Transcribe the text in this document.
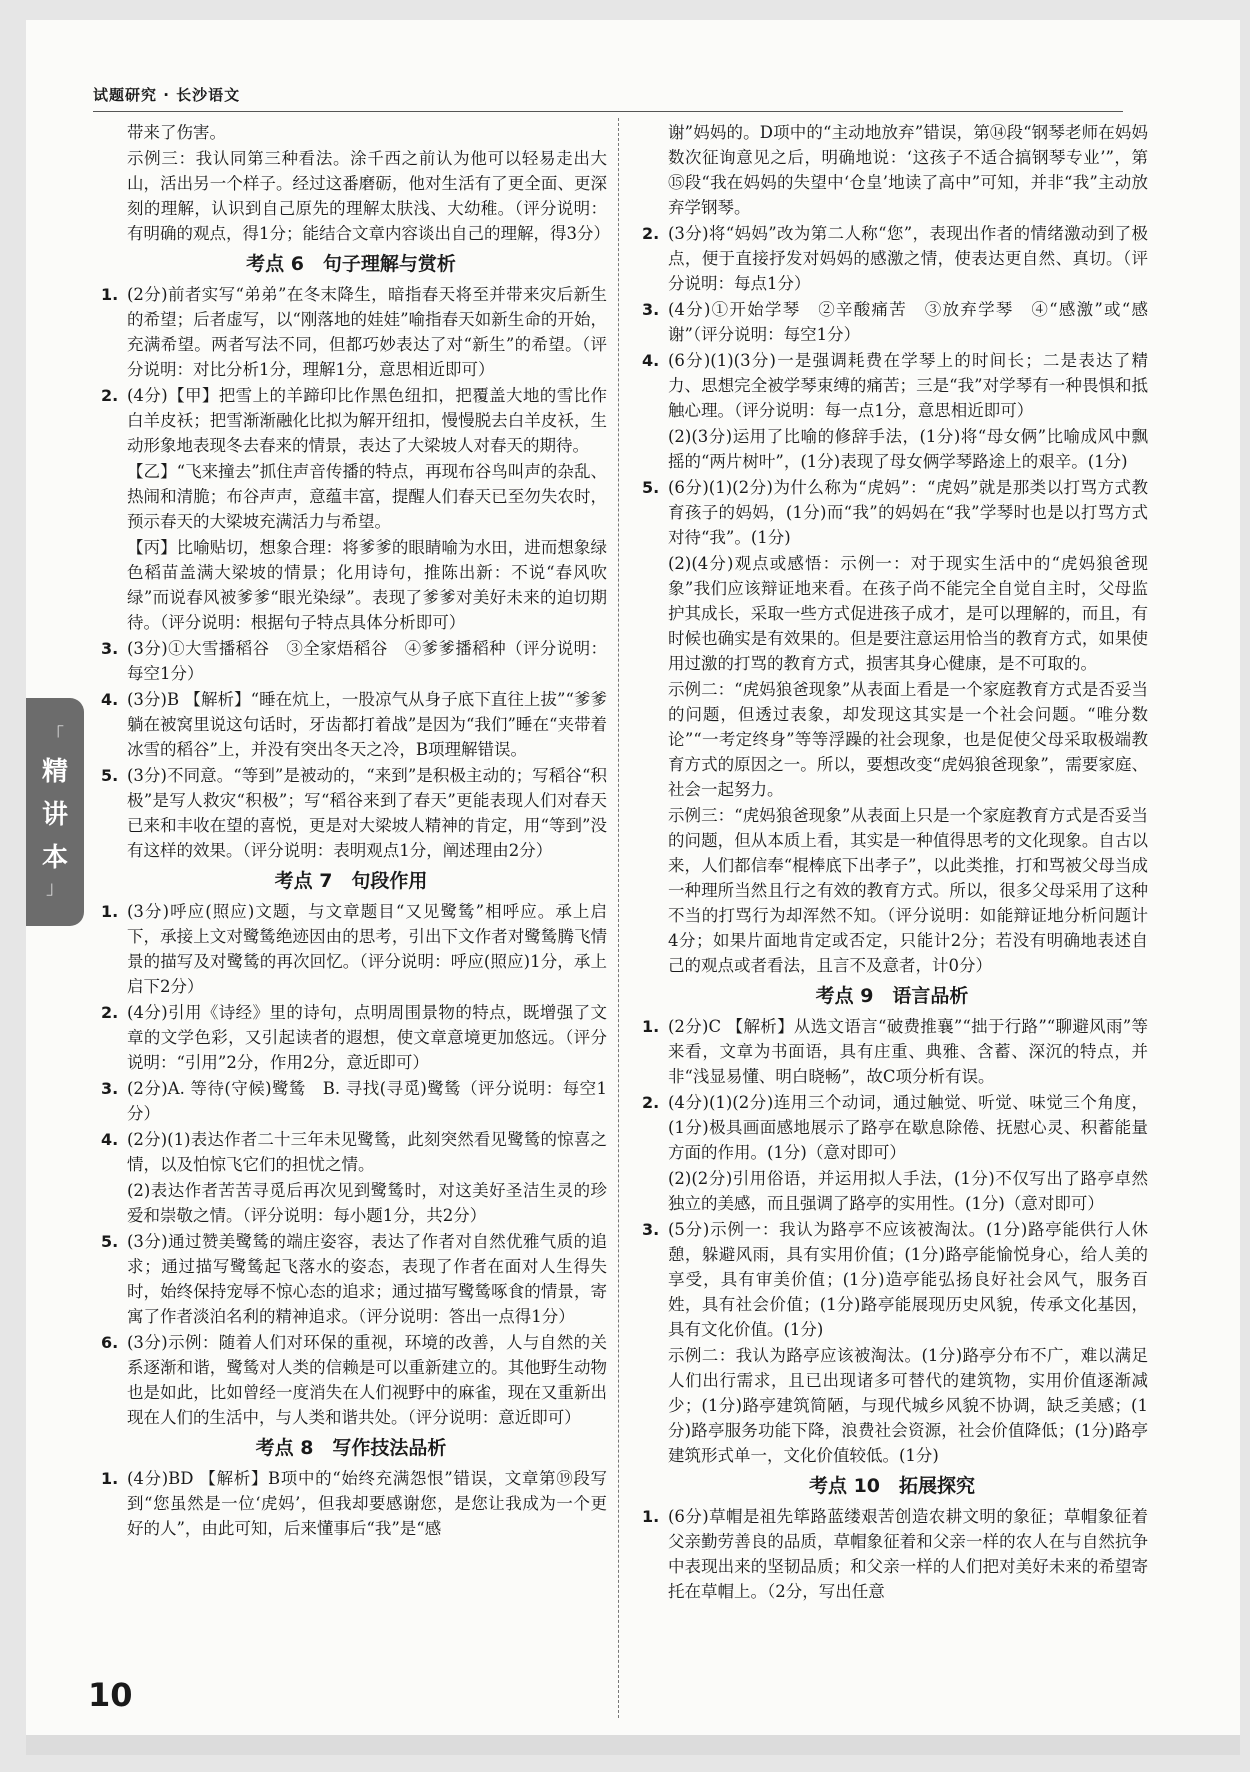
试题研究 · 长沙语文
「
精
讲
本
」

带来了伤害。

示例三：我认同第三种看法。涂千西之前认为他可以轻易走出大山，活出另一个样子。经过这番磨砺，他对生活有了更全面、更深刻的理解，认识到自己原先的理解太肤浅、大幼稚。（评分说明：有明确的观点，得1分；能结合文章内容谈出自己的理解，得3分）

考点 6　句子理解与赏析
1. (2分)前者实写“弟弟”在冬末降生，暗指春天将至并带来灾后新生的希望；后者虚写，以“刚落地的娃娃”喻指春天如新生命的开始，充满希望。两者写法不同，但都巧妙表达了对“新生”的希望。（评分说明：对比分析1分，理解1分，意思相近即可）
2. (4分)【甲】把雪上的羊蹄印比作黑色纽扣，把覆盖大地的雪比作白羊皮袄；把雪渐渐融化比拟为解开纽扣，慢慢脱去白羊皮袄，生动形象地表现冬去春来的情景，表达了大梁坡人对春天的期待。

【乙】“飞来撞去”抓住声音传播的特点，再现布谷鸟叫声的杂乱、热闹和清脆；布谷声声，意蕴丰富，提醒人们春天已至勿失农时，预示春天的大梁坡充满活力与希望。

【丙】比喻贴切，想象合理：将爹爹的眼睛喻为水田，进而想象绿色稻苗盖满大梁坡的情景；化用诗句，推陈出新：不说“春风吹绿”而说春风被爹爹“眼光染绿”。表现了爹爹对美好未来的迫切期待。（评分说明：根据句子特点具体分析即可）

3. (3分)①大雪播稻谷　③全家焐稻谷　④爹爹播稻种（评分说明：每空1分）
4. (3分)B 【解析】“睡在炕上，一股凉气从身子底下直往上拔”“爹爹躺在被窝里说这句话时，牙齿都打着战”是因为“我们”睡在“夹带着冰雪的稻谷”上，并没有突出冬天之冷，B项理解错误。
5. (3分)不同意。“等到”是被动的，“来到”是积极主动的；写稻谷“积极”是写人救灾“积极”；写“稻谷来到了春天”更能表现人们对春天已来和丰收在望的喜悦，更是对大梁坡人精神的肯定，用“等到”没有这样的效果。（评分说明：表明观点1分，阐述理由2分）
考点 7　句段作用
1. (3分)呼应(照应)文题，与文章题目“又见鹭鸶”相呼应。承上启下，承接上文对鹭鸶绝迹因由的思考，引出下文作者对鹭鸶腾飞情景的描写及对鹭鸶的再次回忆。（评分说明：呼应(照应)1分，承上启下2分）
2. (4分)引用《诗经》里的诗句，点明周围景物的特点，既增强了文章的文学色彩，又引起读者的遐想，使文章意境更加悠远。（评分说明：“引用”2分，作用2分，意近即可）
3. (2分)A. 等待(守候)鹭鸶　B. 寻找(寻觅)鹭鸶（评分说明：每空1分）
4. (2分)(1)表达作者二十三年未见鹭鸶，此刻突然看见鹭鸶的惊喜之情，以及怕惊飞它们的担忧之情。

(2)表达作者苦苦寻觅后再次见到鹭鸶时，对这美好圣洁生灵的珍爱和崇敬之情。（评分说明：每小题1分，共2分）

5. (3分)通过赞美鹭鸶的端庄姿容，表达了作者对自然优雅气质的追求；通过描写鹭鸶起飞落水的姿态，表现了作者在面对人生得失时，始终保持宠辱不惊心态的追求；通过描写鹭鸶啄食的情景，寄寓了作者淡泊名利的精神追求。（评分说明：答出一点得1分）
6. (3分)示例：随着人们对环保的重视，环境的改善，人与自然的关系逐渐和谐，鹭鸶对人类的信赖是可以重新建立的。其他野生动物也是如此，比如曾经一度消失在人们视野中的麻雀，现在又重新出现在人们的生活中，与人类和谐共处。（评分说明：意近即可）
考点 8　写作技法品析
1. (4分)BD 【解析】B项中的“始终充满怨恨”错误，文章第⑲段写到“您虽然是一位‘虎妈’，但我却要感谢您，是您让我成为一个更好的人”，由此可知，后来懂事后“我”是“感

谢”妈妈的。D项中的“主动地放弃”错误，第⑭段“钢琴老师在妈妈数次征询意见之后，明确地说：‘这孩子不适合搞钢琴专业’”，第⑮段“我在妈妈的失望中‘仓皇’地读了高中”可知，并非“我”主动放弃学钢琴。

2. (3分)将“妈妈”改为第二人称“您”，表现出作者的情绪激动到了极点，便于直接抒发对妈妈的感激之情，使表达更自然、真切。（评分说明：每点1分）
3. (4分)①开始学琴　②辛酸痛苦　③放弃学琴　④“感激”或“感谢”（评分说明：每空1分）
4. (6分)(1)(3分)一是强调耗费在学琴上的时间长；二是表达了精力、思想完全被学琴束缚的痛苦；三是“我”对学琴有一种畏惧和抵触心理。（评分说明：每一点1分，意思相近即可）

(2)(3分)运用了比喻的修辞手法，(1分)将“母女俩”比喻成风中飘摇的“两片树叶”，(1分)表现了母女俩学琴路途上的艰辛。(1分)

5. (6分)(1)(2分)为什么称为“虎妈”：“虎妈”就是那类以打骂方式教育孩子的妈妈，(1分)而“我”的妈妈在“我”学琴时也是以打骂方式对待“我”。(1分)

(2)(4分)观点或感悟：示例一：对于现实生活中的“虎妈狼爸现象”我们应该辩证地来看。在孩子尚不能完全自觉自主时，父母监护其成长，采取一些方式促进孩子成才，是可以理解的，而且，有时候也确实是有效果的。但是要注意运用恰当的教育方式，如果使用过激的打骂的教育方式，损害其身心健康，是不可取的。

示例二：“虎妈狼爸现象”从表面上看是一个家庭教育方式是否妥当的问题，但透过表象，却发现这其实是一个社会问题。“唯分数论”“一考定终身”等等浮躁的社会现象，也是促使父母采取极端教育方式的原因之一。所以，要想改变“虎妈狼爸现象”，需要家庭、社会一起努力。

示例三：“虎妈狼爸现象”从表面上只是一个家庭教育方式是否妥当的问题，但从本质上看，其实是一种值得思考的文化现象。自古以来，人们都信奉“棍棒底下出孝子”，以此类推，打和骂被父母当成一种理所当然且行之有效的教育方式。所以，很多父母采用了这种不当的打骂行为却浑然不知。（评分说明：如能辩证地分析问题计4分；如果片面地肯定或否定，只能计2分；若没有明确地表述自己的观点或者看法，且言不及意者，计0分）

考点 9　语言品析
1. (2分)C 【解析】从选文语言“破费推襄”“拙于行路”“聊避风雨”等来看，文章为书面语，具有庄重、典雅、含蓄、深沉的特点，并非“浅显易懂、明白晓畅”，故C项分析有误。
2. (4分)(1)(2分)连用三个动词，通过触觉、听觉、味觉三个角度，(1分)极具画面感地展示了路亭在歇息除倦、抚慰心灵、积蓄能量方面的作用。(1分)（意对即可）

(2)(2分)引用俗语，并运用拟人手法，(1分)不仅写出了路亭卓然独立的美感，而且强调了路亭的实用性。(1分)（意对即可）

3. (5分)示例一：我认为路亭不应该被淘汰。(1分)路亭能供行人休憩，躲避风雨，具有实用价值；(1分)路亭能愉悦身心，给人美的享受，具有审美价值；(1分)造亭能弘扬良好社会风气，服务百姓，具有社会价值；(1分)路亭能展现历史风貌，传承文化基因，具有文化价值。(1分)

示例二：我认为路亭应该被淘汰。(1分)路亭分布不广，难以满足人们出行需求，且已出现诸多可替代的建筑物，实用价值逐渐减少；(1分)路亭建筑简陋，与现代城乡风貌不协调，缺乏美感；(1分)路亭服务功能下降，浪费社会资源，社会价值降低；(1分)路亭建筑形式单一，文化价值较低。(1分)

考点 10　拓展探究
1. (6分)草帽是祖先筚路蓝缕艰苦创造农耕文明的象征；草帽象征着父亲勤劳善良的品质，草帽象征着和父亲一样的农人在与自然抗争中表现出来的坚韧品质；和父亲一样的人们把对美好未来的希望寄托在草帽上。（2分，写出任意
10
